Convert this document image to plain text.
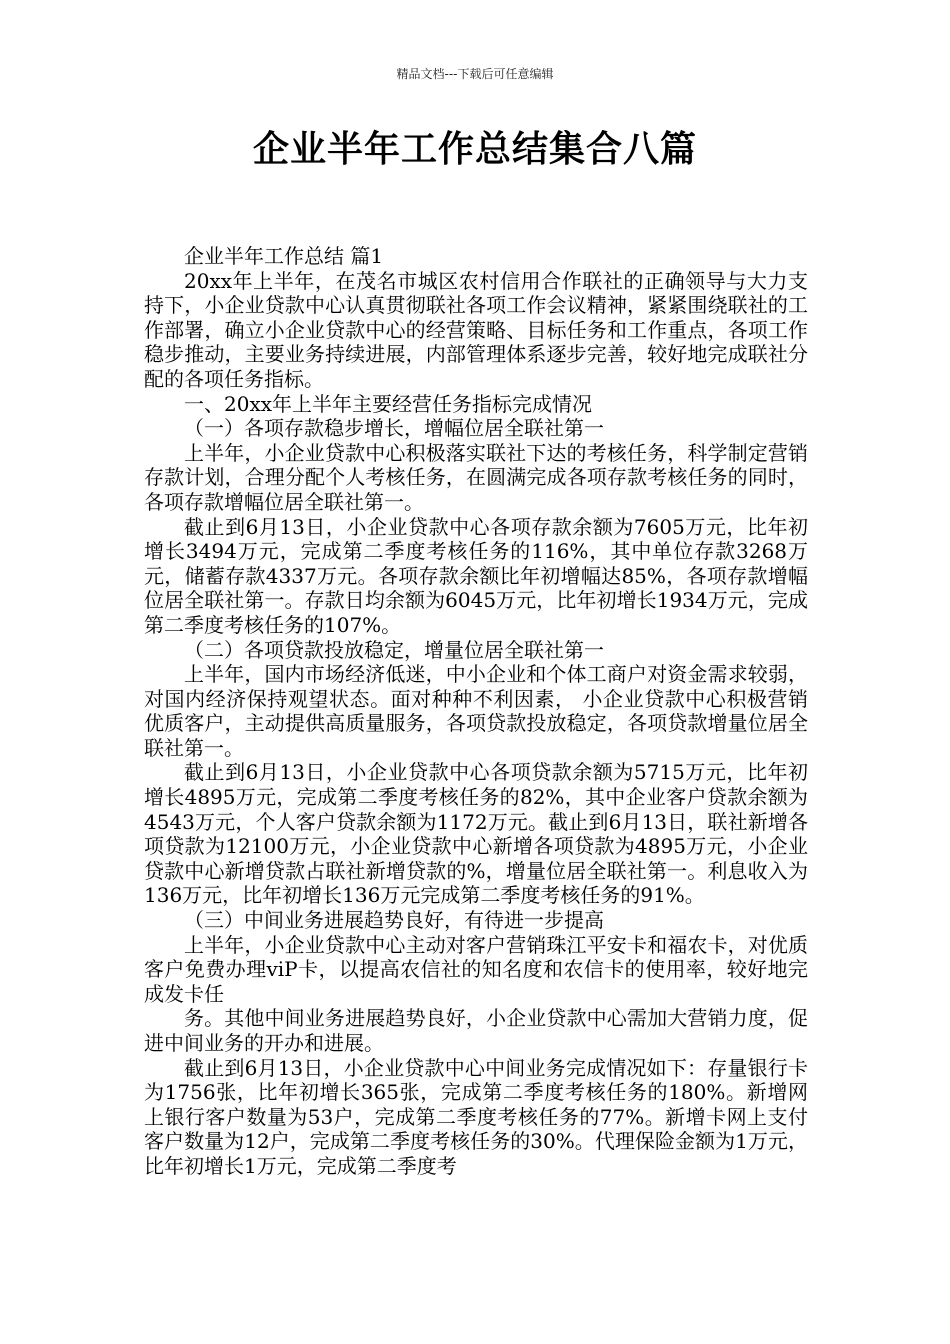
精品文档---下载后可任意编辑
企业半年工作总结集合八篇

企业半年工作总结 篇1

20xx年上半年，在茂名市城区农村信用合作联社的正确领导与大力支持下，小企业贷款中心认真贯彻联社各项工作会议精神，紧紧围绕联社的工作部署，确立小企业贷款中心的经营策略、目标任务和工作重点，各项工作稳步推动，主要业务持续进展，内部管理体系逐步完善，较好地完成联社分配的各项任务指标。

一、20xx年上半年主要经营任务指标完成情况

（一）各项存款稳步增长，增幅位居全联社第一

上半年，小企业贷款中心积极落实联社下达的考核任务，科学制定营销存款计划，合理分配个人考核任务，在圆满完成各项存款考核任务的同时，各项存款增幅位居全联社第一。

截止到6月13日，小企业贷款中心各项存款余额为7605万元，比年初增长3494万元，完成第二季度考核任务的116%，其中单位存款3268万元，储蓄存款4337万元。各项存款余额比年初增幅达85%，各项存款增幅位居全联社第一。存款日均余额为6045万元，比年初增长1934万元，完成第二季度考核任务的107%。

（二）各项贷款投放稳定，增量位居全联社第一

上半年，国内市场经济低迷，中小企业和个体工商户对资金需求较弱，对国内经济保持观望状态。面对种种不利因素， 小企业贷款中心积极营销优质客户，主动提供高质量服务，各项贷款投放稳定，各项贷款增量位居全联社第一。

截止到6月13日，小企业贷款中心各项贷款余额为5715万元，比年初增长4895万元，完成第二季度考核任务的82%，其中企业客户贷款余额为4543万元，个人客户贷款余额为1172万元。截止到6月13日，联社新增各项贷款为12100万元，小企业贷款中心新增各项贷款为4895万元，小企业贷款中心新增贷款占联社新增贷款的%，增量位居全联社第一。利息收入为136万元，比年初增长136万元完成第二季度考核任务的91%。

（三）中间业务进展趋势良好，有待进一步提高

上半年，小企业贷款中心主动对客户营销珠江平安卡和福农卡，对优质客户免费办理viP卡，以提高农信社的知名度和农信卡的使用率，较好地完成发卡任

务。其他中间业务进展趋势良好，小企业贷款中心需加大营销力度，促进中间业务的开办和进展。

截止到6月13日，小企业贷款中心中间业务完成情况如下：存量银行卡为1756张，比年初增长365张，完成第二季度考核任务的180%。新增网上银行客户数量为53户，完成第二季度考核任务的77%。新增卡网上支付客户数量为12户，完成第二季度考核任务的30%。代理保险金额为1万元，比年初增长1万元，完成第二季度考
